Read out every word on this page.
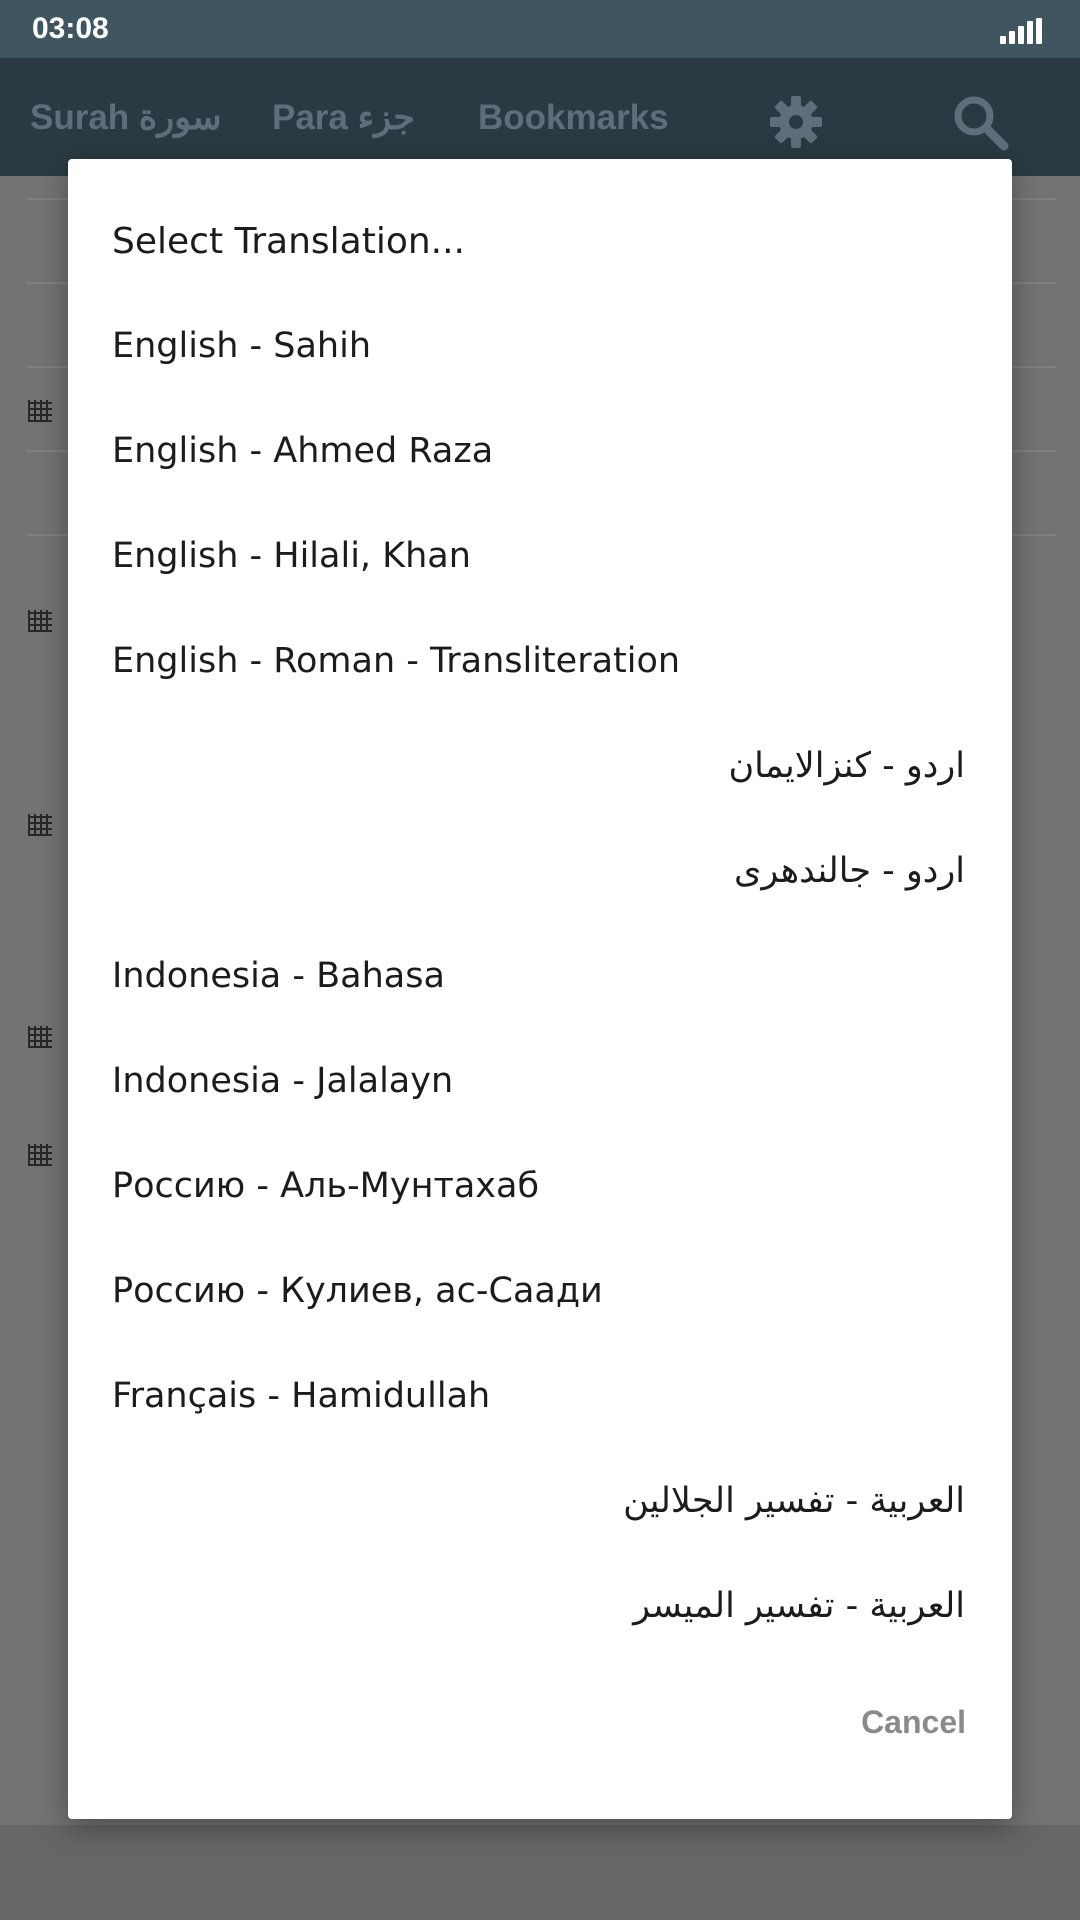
03:08
Surah سورة Para جزء Bookmarks
Select Translation...
English - Sahih
English - Ahmed Raza
English - Hilali, Khan
English - Roman - Transliteration
اردو - کنزالایمان
اردو - جالندھری
Indonesia - Bahasa
Indonesia - Jalalayn
Россию - Аль-Мунтахаб
Россию - Кулиев, ас-Саади
Français - Hamidullah
العربية - تفسير الجلالين
العربية - تفسير الميسر
Cancel
